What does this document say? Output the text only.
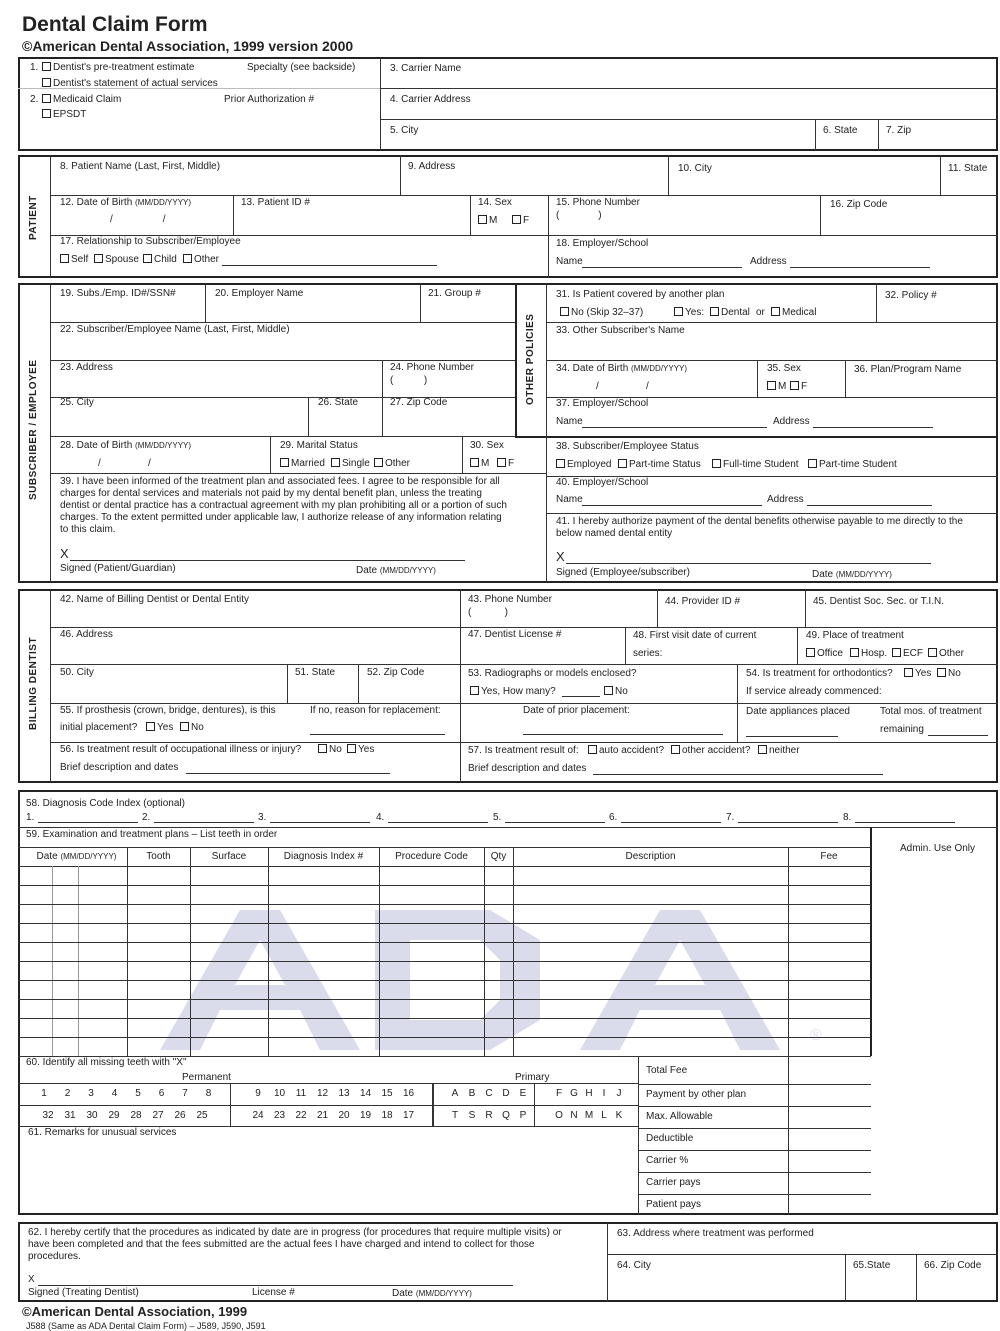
Dental Claim Form
©American Dental Association, 1999 version 2000
®
1.	Dentist's pre-treatment estimate	Specialty (see backside)
Dentist's statement of actual services
2.	Medicaid Claim	Prior Authorization #
EPSDT
3. Carrier Name
4. Carrier Address
5. City	6. State	7. Zip
PATIENT
8. Patient Name (Last, First, Middle)	9. Address	10. City	11. State
12. Date of Birth (MM/DD/YYYY)
/                  /
13. Patient ID #	14. Sex
M	F
15. Phone Number
(              )
16. Zip Code
17. Relationship to Subscriber/Employee
Self	Spouse	Child	Other
18. Employer/School
Name	Address
SUBSCRIBER / EMPLOYEE
OTHER POLICIES
19. Subs./Emp. ID#/SSN#	20. Employer Name	21. Group #
22. Subscriber/Employee Name (Last, First, Middle)
23. Address	24. Phone Number
(           )
25. City	26. State	27. Zip Code
28. Date of Birth (MM/DD/YYYY)
/                 /
29. Marital Status
Married	Single	Other
30. Sex
M	F
39. I have been informed of the treatment plan and associated fees. I agree to be responsible for all
charges for dental services and materials not paid by my dental benefit plan, unless the treating
dentist or dental practice has a contractual agreement with my plan prohibiting all or a portion of such
charges. To the extent permitted under applicable law, I authorize release of any information relating
to this claim.
X
Signed (Patient/Guardian)	Date (MM/DD/YYYY)
31. Is Patient covered by another plan
No (Skip 32–37)	Yes:	Dental or	Medical
32. Policy #
33. Other Subscriber's Name
34. Date of Birth (MM/DD/YYYY)
/                 /
35. Sex
M	F
36. Plan/Program Name
37. Employer/School
Name	Address
38. Subscriber/Employee Status
Employed	Part-time Status	Full-time Student	Part-time Student
40. Employer/School
Name	Address
41. I hereby authorize payment of the dental benefits otherwise payable to me directly to the
below named dental entity
X
Signed (Employee/subscriber)	Date (MM/DD/YYYY)
BILLING DENTIST
42. Name of Billing Dentist or Dental Entity	43. Phone Number
(            )
44. Provider ID #	45. Dentist Soc. Sec. or T.I.N.
46. Address	47. Dentist License #	48. First visit date of current
series:
49. Place of treatment
Office	Hosp.	ECF	Other
50. City	51. State	52. Zip Code	53. Radiographs or models enclosed?
Yes, How many?	No
54. Is treatment for orthodontics?	Yes	No
If service already commenced:
55. If prosthesis (crown, bridge, dentures), is this
initial placement?	Yes	No
If no, reason for replacement:	Date of prior placement:	Date appliances placed	Total mos. of treatment
remaining
56. Is treatment result of occupational illness or injury?	No	Yes
Brief description and dates
57. Is treatment result of:	auto accident?	other accident?	neither
Brief description and dates
58. Diagnosis Code Index (optional)
1.	2.	3.	4.	5.	6.	7.	8.
59. Examination and treatment plans – List teeth in order
Admin. Use Only
Date (MM/DD/YYYY)	Tooth	Surface	Diagnosis Index #	Procedure Code	Qty	Description	Fee
60. Identify all missing teeth with "X"
Permanent	Primary
1	2	3	4	5	6	7	8	9	10 11 12 13 14 15 16
32 31 30 29 28 27 26 25	24 23 22 21 20 19 18 17
A	B	C D	E	F G H	I	J
T	S	R Q P	O N M L K
61. Remarks for unusual services
Total Fee
Payment by other plan
Max. Allowable
Deductible
Carrier %
Carrier pays
Patient pays
62. I hereby certify that the procedures as indicated by date are in progress (for procedures that require multiple visits) or
have been completed and that the fees submitted are the actual fees I have charged and intend to collect for those
procedures.
X
Signed (Treating Dentist)	License #	Date (MM/DD/YYYY)
63. Address where treatment was performed
64. City	65.State	66. Zip Code
©American Dental Association, 1999
J588 (Same as ADA Dental Claim Form) – J589, J590, J591
